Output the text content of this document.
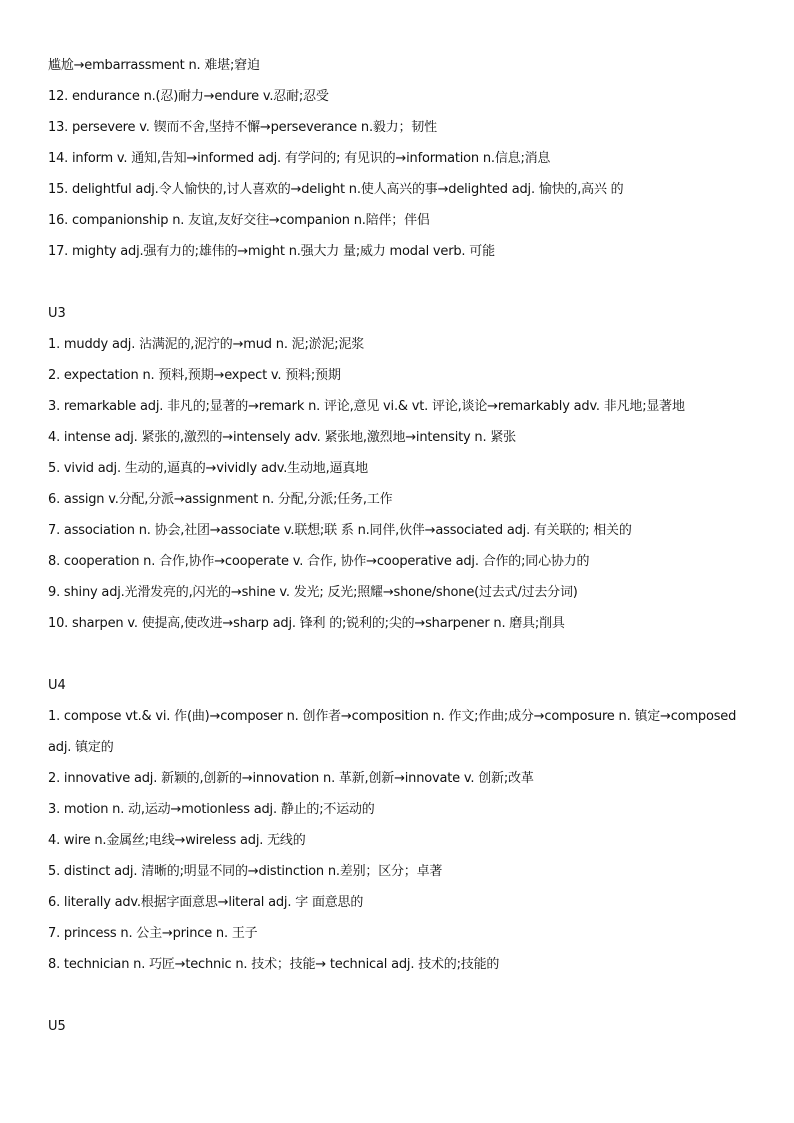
尴尬→embarrassment n. 难堪;窘迫
12. endurance n.(忍)耐力→endure v.忍耐;忍受
13. persevere v. 锲而不舍,坚持不懈→perseverance n.毅力；韧性
14. inform v. 通知,告知→informed adj. 有学问的; 有见识的→information n.信息;消息
15. delightful adj.令人愉快的,讨人喜欢的→delight n.使人高兴的事→delighted adj. 愉快的,高兴 的
16. companionship n. 友谊,友好交往→companion n.陪伴；伴侣
17. mighty adj.强有力的;雄伟的→might n.强大力 量;威力 modal verb. 可能
U3
1. muddy adj. 沾满泥的,泥泞的→mud n. 泥;淤泥;泥浆
2. expectation n. 预料,预期→expect v. 预料;预期
3. remarkable adj. 非凡的;显著的→remark n. 评论,意见 vi.& vt. 评论,谈论→remarkably adv. 非凡地;显著地
4. intense adj. 紧张的,激烈的→intensely adv. 紧张地,激烈地→intensity n. 紧张
5. vivid adj. 生动的,逼真的→vividly adv.生动地,逼真地
6. assign v.分配,分派→assignment n. 分配,分派;任务,工作
7. association n. 协会,社团→associate v.联想;联 系 n.同伴,伙伴→associated adj. 有关联的; 相关的
8. cooperation n. 合作,协作→cooperate v. 合作, 协作→cooperative adj. 合作的;同心协力的
9. shiny adj.光滑发亮的,闪光的→shine v. 发光; 反光;照耀→shone/shone(过去式/过去分词)
10. sharpen v. 使提高,使改进→sharp adj. 锋利 的;锐利的;尖的→sharpener n. 磨具;削具
U4
1. compose vt.& vi. 作(曲)→composer n. 创作者→composition n. 作文;作曲;成分→composure n. 镇定→composed adj. 镇定的
2. innovative adj. 新颖的,创新的→innovation n. 革新,创新→innovate v. 创新;改革
3. motion n. 动,运动→motionless adj. 静止的;不运动的
4. wire n.金属丝;电线→wireless adj. 无线的
5. distinct adj. 清晰的;明显不同的→distinction n.差别；区分；卓著
6. literally adv.根据字面意思→literal adj. 字 面意思的
7. princess n. 公主→prince n. 王子
8. technician n. 巧匠→technic n. 技术；技能→ technical adj. 技术的;技能的
U5
